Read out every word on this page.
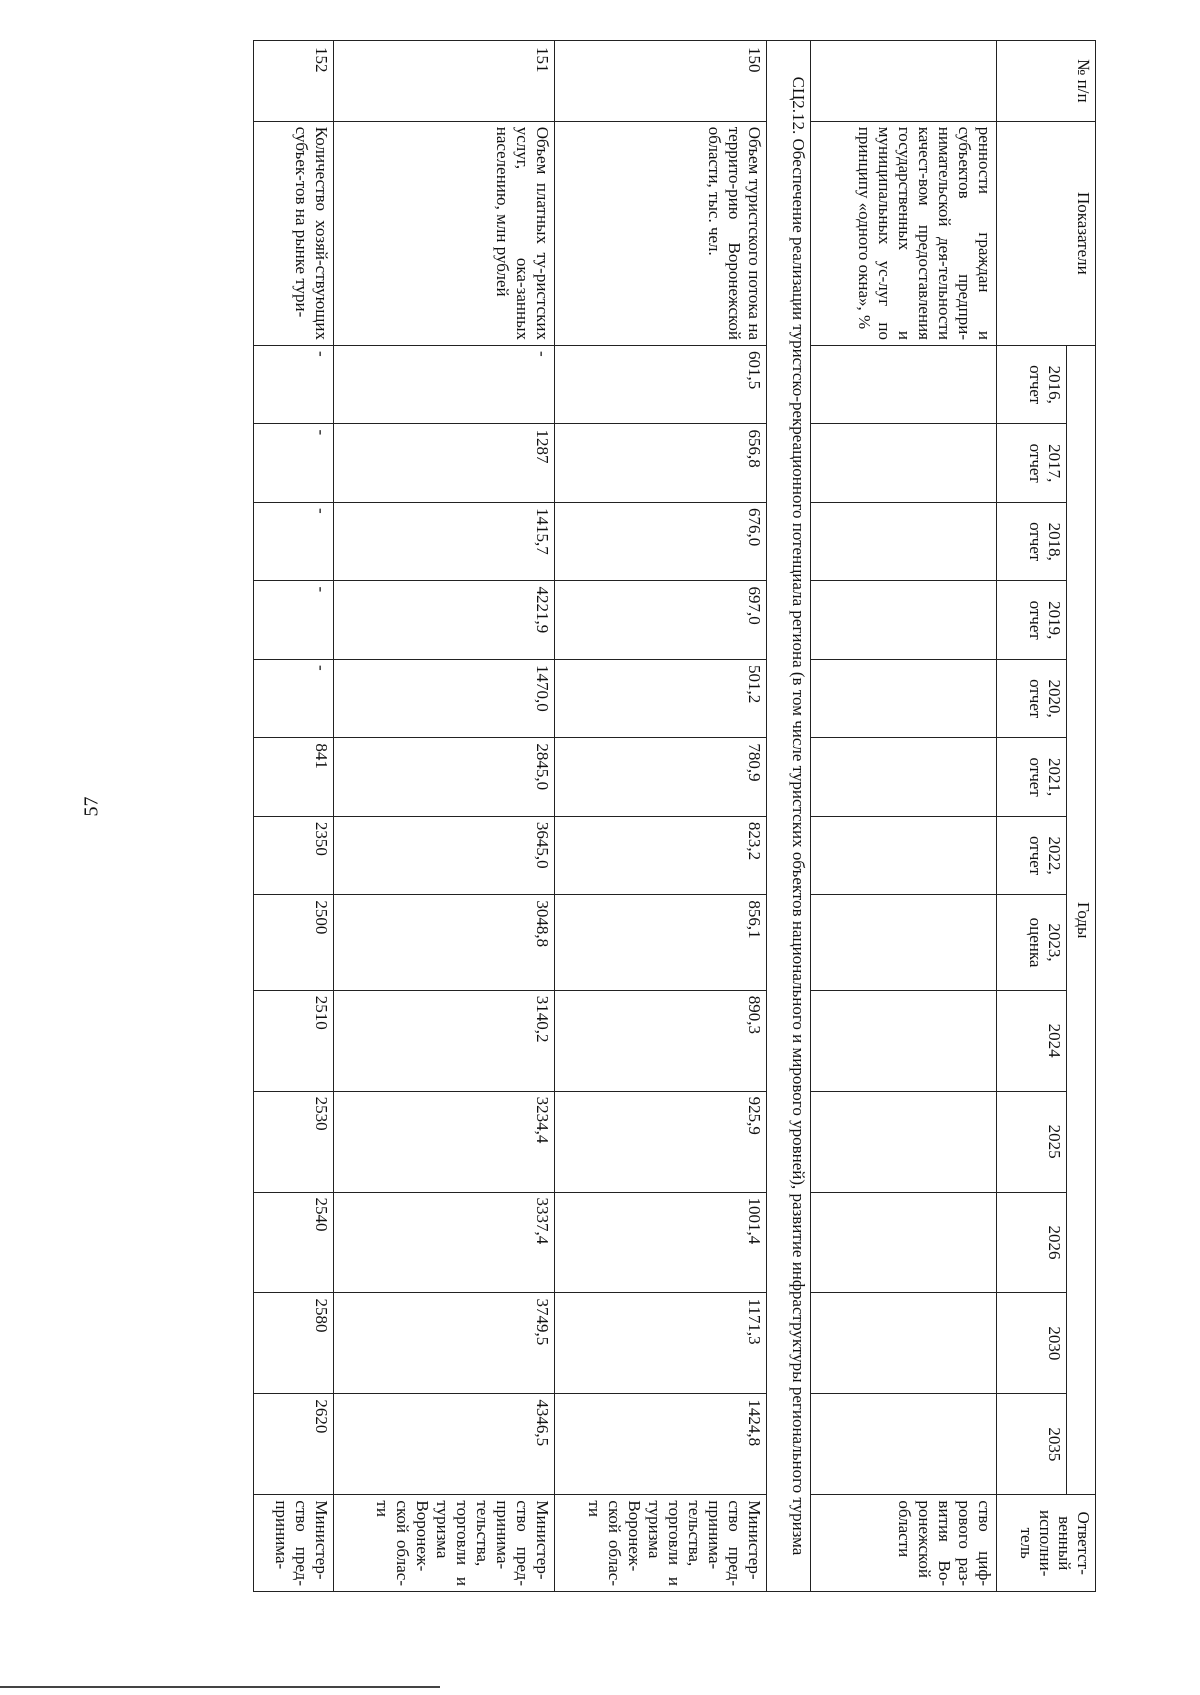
57
№ п/п	Показатели	Годы													Ответст-венный исполни-тель
		2016, отчет	2017, отчет	2018, отчет	2019, отчет	2020, отчет	2021, отчет	2022, отчет	2023, оценка	2024	2025	2026	2030	2035	
	ренности граждан и субъектов предпри-нимательской дея-тельности качест-вом предоставления государственных и муниципальных ус-луг по принципу «одного окна», %														ство циф-рового раз-вития Во-ронежской области
СЦ2.12. Обеспечение реализации туристско-рекреационного потенциала региона (в том числе туристских объектов национального и мирового уровней), развитие инфраструктуры регионального туризма															
150	Объем туристского потока на террито-рию Воронежской области, тыс. чел.	601,5	656,8	676,0	697,0	501,2	780,9	823,2	856,1	890,3	925,9	1001,4	1171,3	1424,8	Министер-ство пред-принима-тельства, торговли и туризма Воронеж-ской облас-ти
151	Объем платных ту-ристских услуг, ока-занных населению, млн рублей	-	1287	1415,7	4221,9	1470,0	2845,0	3645,0	3048,8	3140,2	3234,4	3337,4	3749,5	4346,5	Министер-ство пред-принима-тельства, торговли и туризма Воронеж-ской облас-ти
152	Количество хозяй-ствующих субъек-тов на рынке тури-	-	-	-	-	-	841	2350	2500	2510	2530	2540	2580	2620	Министер-ство пред-принима-
